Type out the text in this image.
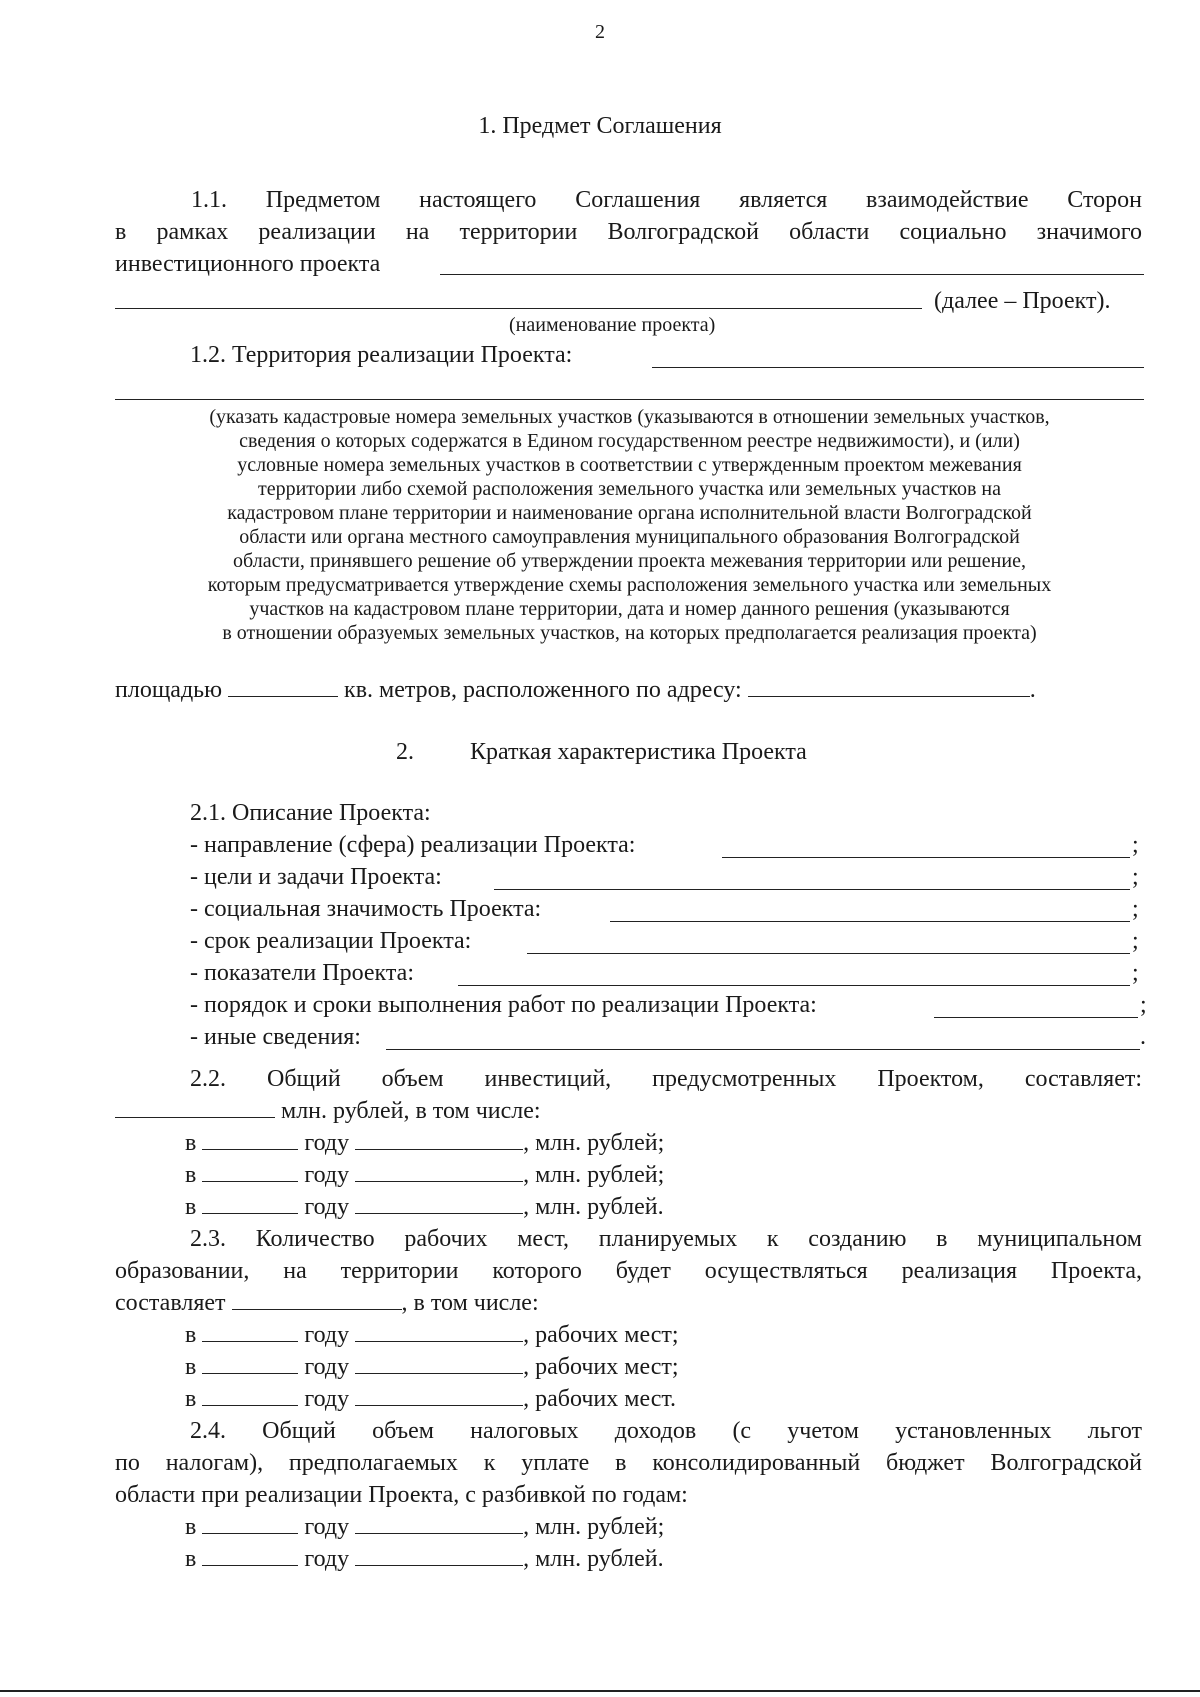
2
1. Предмет Соглашения
1.1. Предметом настоящего Соглашения является взаимодействие Сторон
в рамках реализации на территории Волгоградской области социально значимого
инвестиционного проекта
(далее – Проект).
(наименование проекта)
1.2. Территория реализации Проекта:
(указать кадастровые номера земельных участков (указываются в отношении земельных участков,
сведения о которых содержатся в Едином государственном реестре недвижимости), и (или)
условные номера земельных участков в соответствии с утвержденным проектом межевания
территории либо схемой расположения земельного участка или земельных участков на
кадастровом плане территории и наименование органа исполнительной власти Волгоградской
области или органа местного самоуправления муниципального образования Волгоградской
области, принявшего решение об утверждении проекта межевания территории или решение,
которым предусматривается утверждение схемы расположения земельного участка или земельных
участков на кадастровом плане территории, дата и номер данного решения (указываются
в отношении образуемых земельных участков, на которых предполагается реализация проекта)
площадью	кв. метров, расположенного по адресу:	.
2. Краткая характеристика Проекта
2.1. Описание Проекта:
- направление (сфера) реализации Проекта:	;
- цели и задачи Проекта:	;
- социальная значимость Проекта:	;
- срок реализации Проекта:	;
- показатели Проекта:	;
- порядок и сроки выполнения работ по реализации Проекта:	;
- иные сведения:	.
2.2. Общий объем инвестиций, предусмотренных Проектом, составляет:
млн. рублей, в том числе:
в	году	, млн. рублей;
в	году	, млн. рублей;
в	году	, млн. рублей.
2.3. Количество рабочих мест, планируемых к созданию в муниципальном
образовании, на территории которого будет осуществляться реализация Проекта,
составляет	, в том числе:
в	году	, рабочих мест;
в	году	, рабочих мест;
в	году	, рабочих мест.
2.4. Общий объем налоговых доходов (с учетом установленных льгот
по налогам), предполагаемых к уплате в консолидированный бюджет Волгоградской
области при реализации Проекта, с разбивкой по годам:
в	году	, млн. рублей;
в	году	, млн. рублей.
